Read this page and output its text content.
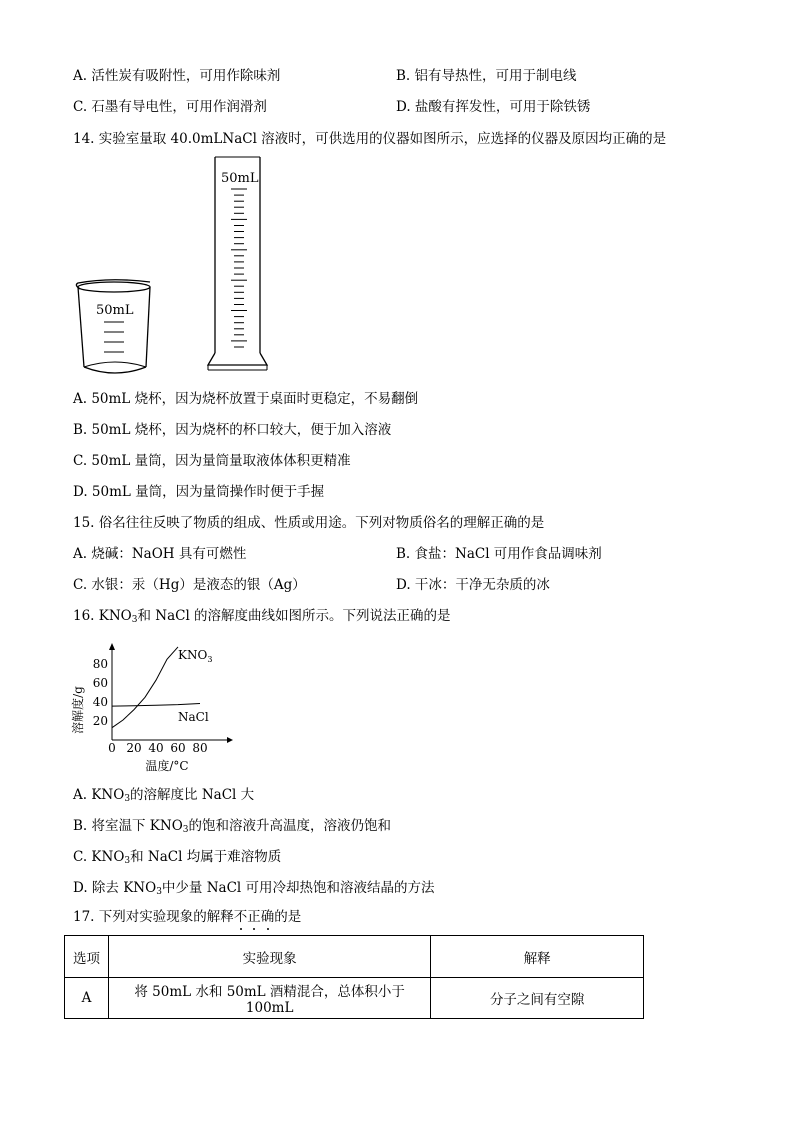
A. 活性炭有吸附性，可用作除味剂	B. 铝有导热性，可用于制电线
C. 石墨有导电性，可用作润滑剂	D. 盐酸有挥发性，可用于除铁锈
14. 实验室量取 40.0mLNaCl 溶液时，可供选用的仪器如图所示，应选择的仪器及原因均正确的是
50mL
50mL
A. 50mL 烧杯，因为烧杯放置于桌面时更稳定，不易翻倒
B. 50mL 烧杯，因为烧杯的杯口较大，便于加入溶液
C. 50mL 量筒，因为量筒量取液体体积更精准
D. 50mL 量筒，因为量筒操作时便于手握
15. 俗名往往反映了物质的组成、性质或用途。下列对物质俗名的理解正确的是
A. 烧碱：NaOH 具有可燃性	B. 食盐：NaCl 可用作食品调味剂
C. 水银：汞（Hg）是液态的银（Ag）	D. 干冰：干净无杂质的冰
16. $KNO_3$和 NaCl 的溶解度曲线如图所示。下列说法正确的是
0 20 40 60 80
20
40
60
80
$KNO_3$
NaCl
溶解度/g
温度/°C
A. $KNO_3$的溶解度比 NaCl 大
B. 将室温下 $KNO_3$的饱和溶液升高温度，溶液仍饱和
C. $KNO_3$和 NaCl 均属于难溶物质
D. 除去 $KNO_3$中少量 NaCl 可用冷却热饱和溶液结晶的方法
17. 下列对实验现象的解释不正确的是
选项	实验现象	解释
A	将 50mL 水和 50mL 酒精混合，总体积小于 100mL	分子之间有空隙
